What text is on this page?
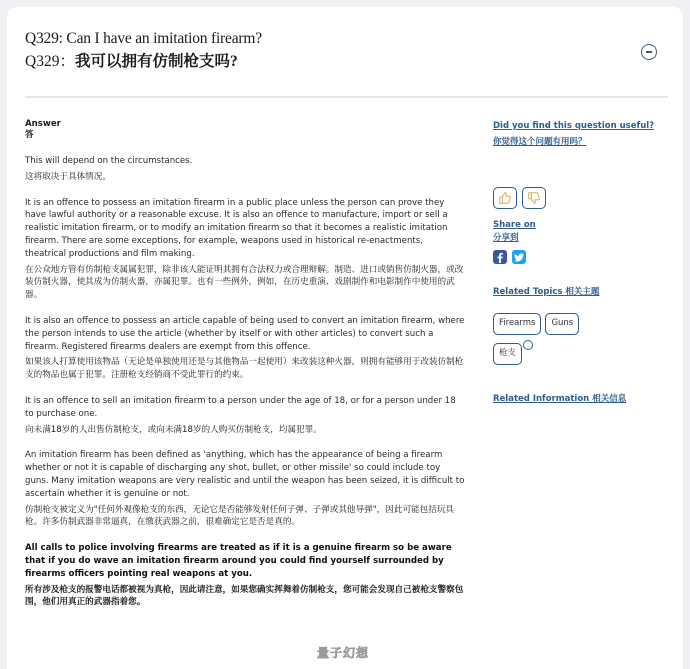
Q329: Can I have an imitation firearm?
Q329：我可以拥有仿制枪支吗?
Answer
答
This will depend on the circumstances.
这将取决于具体情况。
It is an offence to possess an imitation firearm in a public place unless the person can prove they have lawful authority or a reasonable excuse. It is also an offence to manufacture, import or sell a realistic imitation firearm, or to modify an imitation firearm so that it becomes a realistic imitation firearm. There are some exceptions, for example, weapons used in historical re-enactments, theatrical productions and film making.
在公众地方管有仿制枪支属属犯罪，除非该人能证明其拥有合法权力或合理辩解。制造、进口或销售仿制火器，或改装仿制火器，使其成为仿制火器，亦属犯罪。也有一些例外，例如，在历史重演、戏剧制作和电影制作中使用的武器。
It is also an offence to possess an article capable of being used to convert an imitation firearm, where the person intends to use the article (whether by itself or with other articles) to convert such a firearm. Registered firearms dealers are exempt from this offence.
如果该人打算使用该物品（无论是单独使用还是与其他物品一起使用）来改装这种火器，则拥有能够用于改装仿制枪支的物品也属于犯罪。注册枪支经销商不受此罪行的约束。
It is an offence to sell an imitation firearm to a person under the age of 18, or for a person under 18 to purchase one.
向未满18岁的人出售仿制枪支，或向未满18岁的人购买仿制枪支，均属犯罪。
An imitation firearm has been defined as 'anything, which has the appearance of being a firearm whether or not it is capable of discharging any shot, bullet, or other missile' so could include toy guns. Many imitation weapons are very realistic and until the weapon has been seized, it is difficult to ascertain whether it is genuine or not.
仿制枪支被定义为"任何外观像枪支的东西，无论它是否能够发射任何子弹、子弹或其他导弹"，因此可能包括玩具枪。许多仿制武器非常逼真，在缴获武器之前，很难确定它是否是真的。
All calls to police involving firearms are treated as if it is a genuine firearm so be aware that if you do wave an imitation firearm around you could find yourself surrounded by firearms officers pointing real weapons at you.
所有涉及枪支的报警电话都被视为真枪，因此请注意，如果您确实挥舞着仿制枪支，您可能会发现自己被枪支警察包围，他们用真正的武器指着您。
Did you find this question useful?
你觉得这个问题有用吗？
Share on
分享到
Related Topics 相关主题
Firearms	Guns
枪支
Related Information 相关信息
量子幻想
